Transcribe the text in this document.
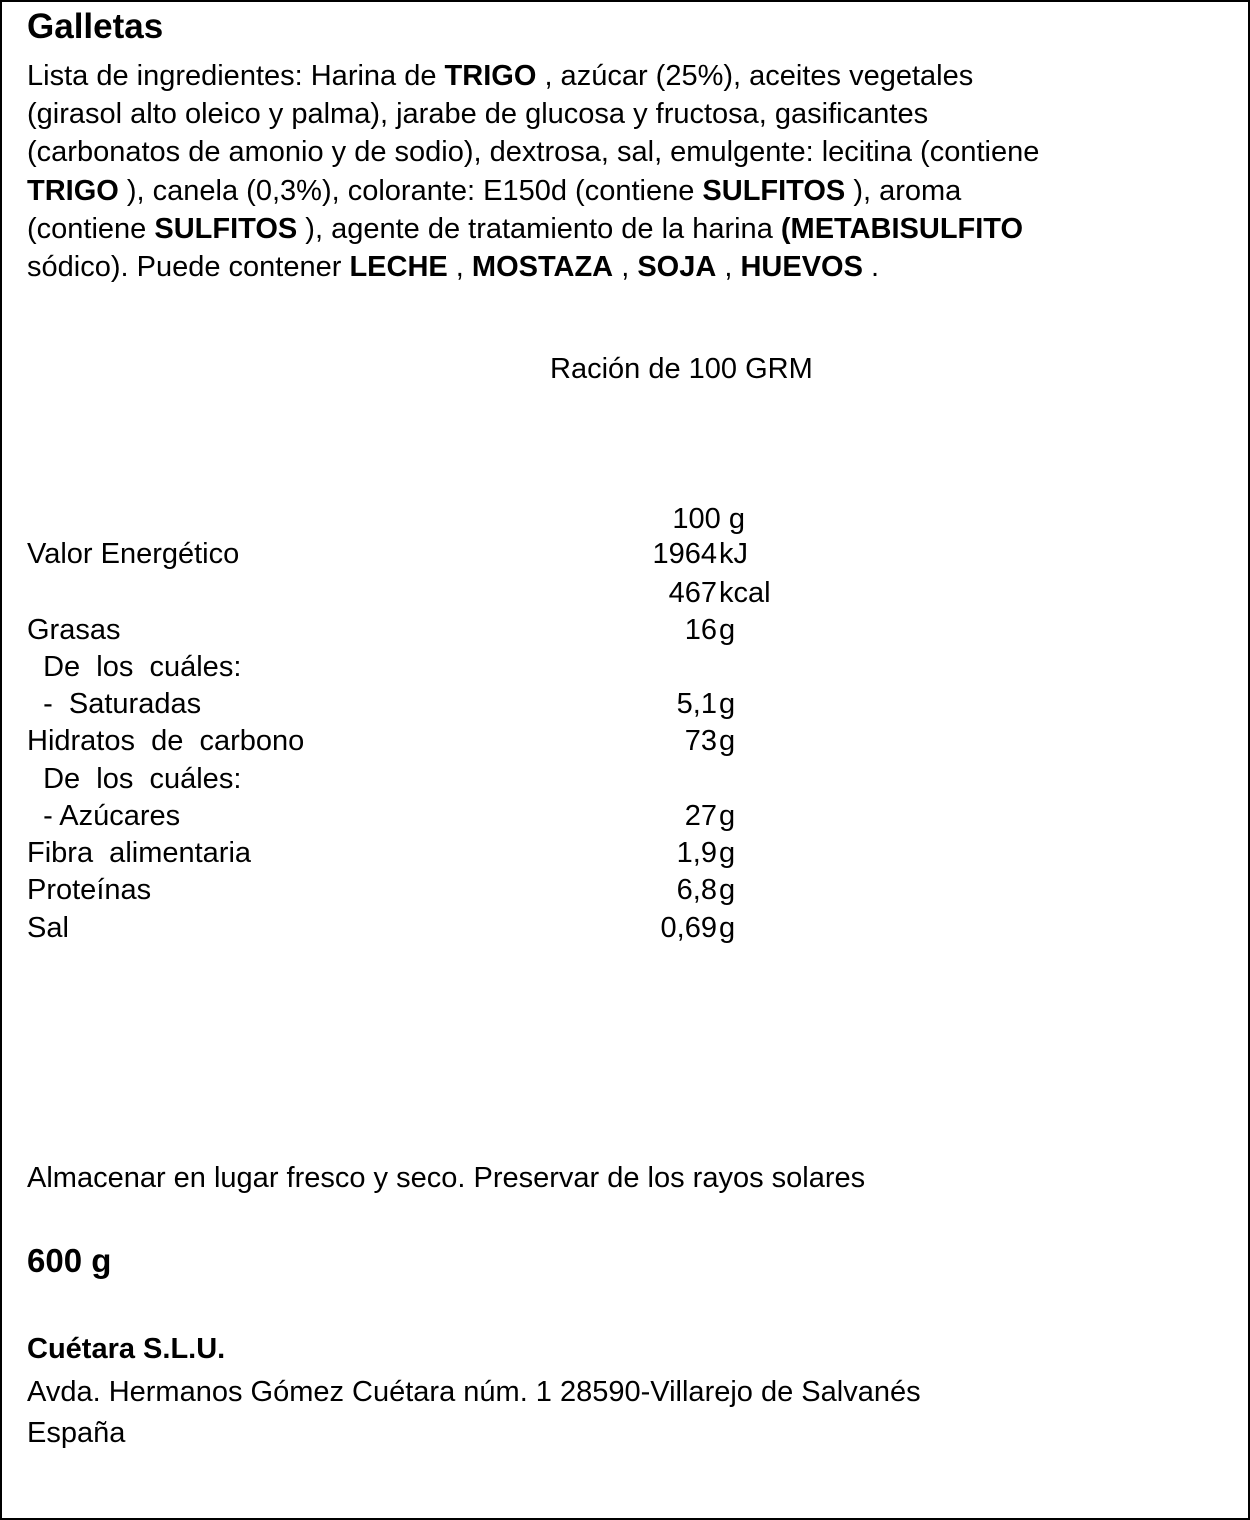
Galletas
Lista de ingredientes: Harina de TRIGO , azúcar (25%), aceites vegetales
(girasol alto oleico y palma), jarabe de glucosa y fructosa, gasificantes
(carbonatos de amonio y de sodio), dextrosa, sal, emulgente: lecitina (contiene
TRIGO ), canela (0,3%), colorante: E150d (contiene SULFITOS ), aroma
(contiene SULFITOS ), agente de tratamiento de la harina (METABISULFITO
sódico). Puede contener LECHE , MOSTAZA , SOJA , HUEVOS .
Ración de 100 GRM
100 g
Valor Energético	1964 kJ
467 kcal
Grasas	16 g
De  los  cuáles:
-  Saturadas	5,1 g
Hidratos  de  carbono	73 g
De  los  cuáles:
- Azúcares	27 g
Fibra  alimentaria	1,9 g
Proteínas	6,8 g
Sal	0,69 g
Almacenar en lugar fresco y seco. Preservar de los rayos solares
600 g
Cuétara S.L.U.
Avda. Hermanos Gómez Cuétara núm. 1 28590-Villarejo de Salvanés
España
